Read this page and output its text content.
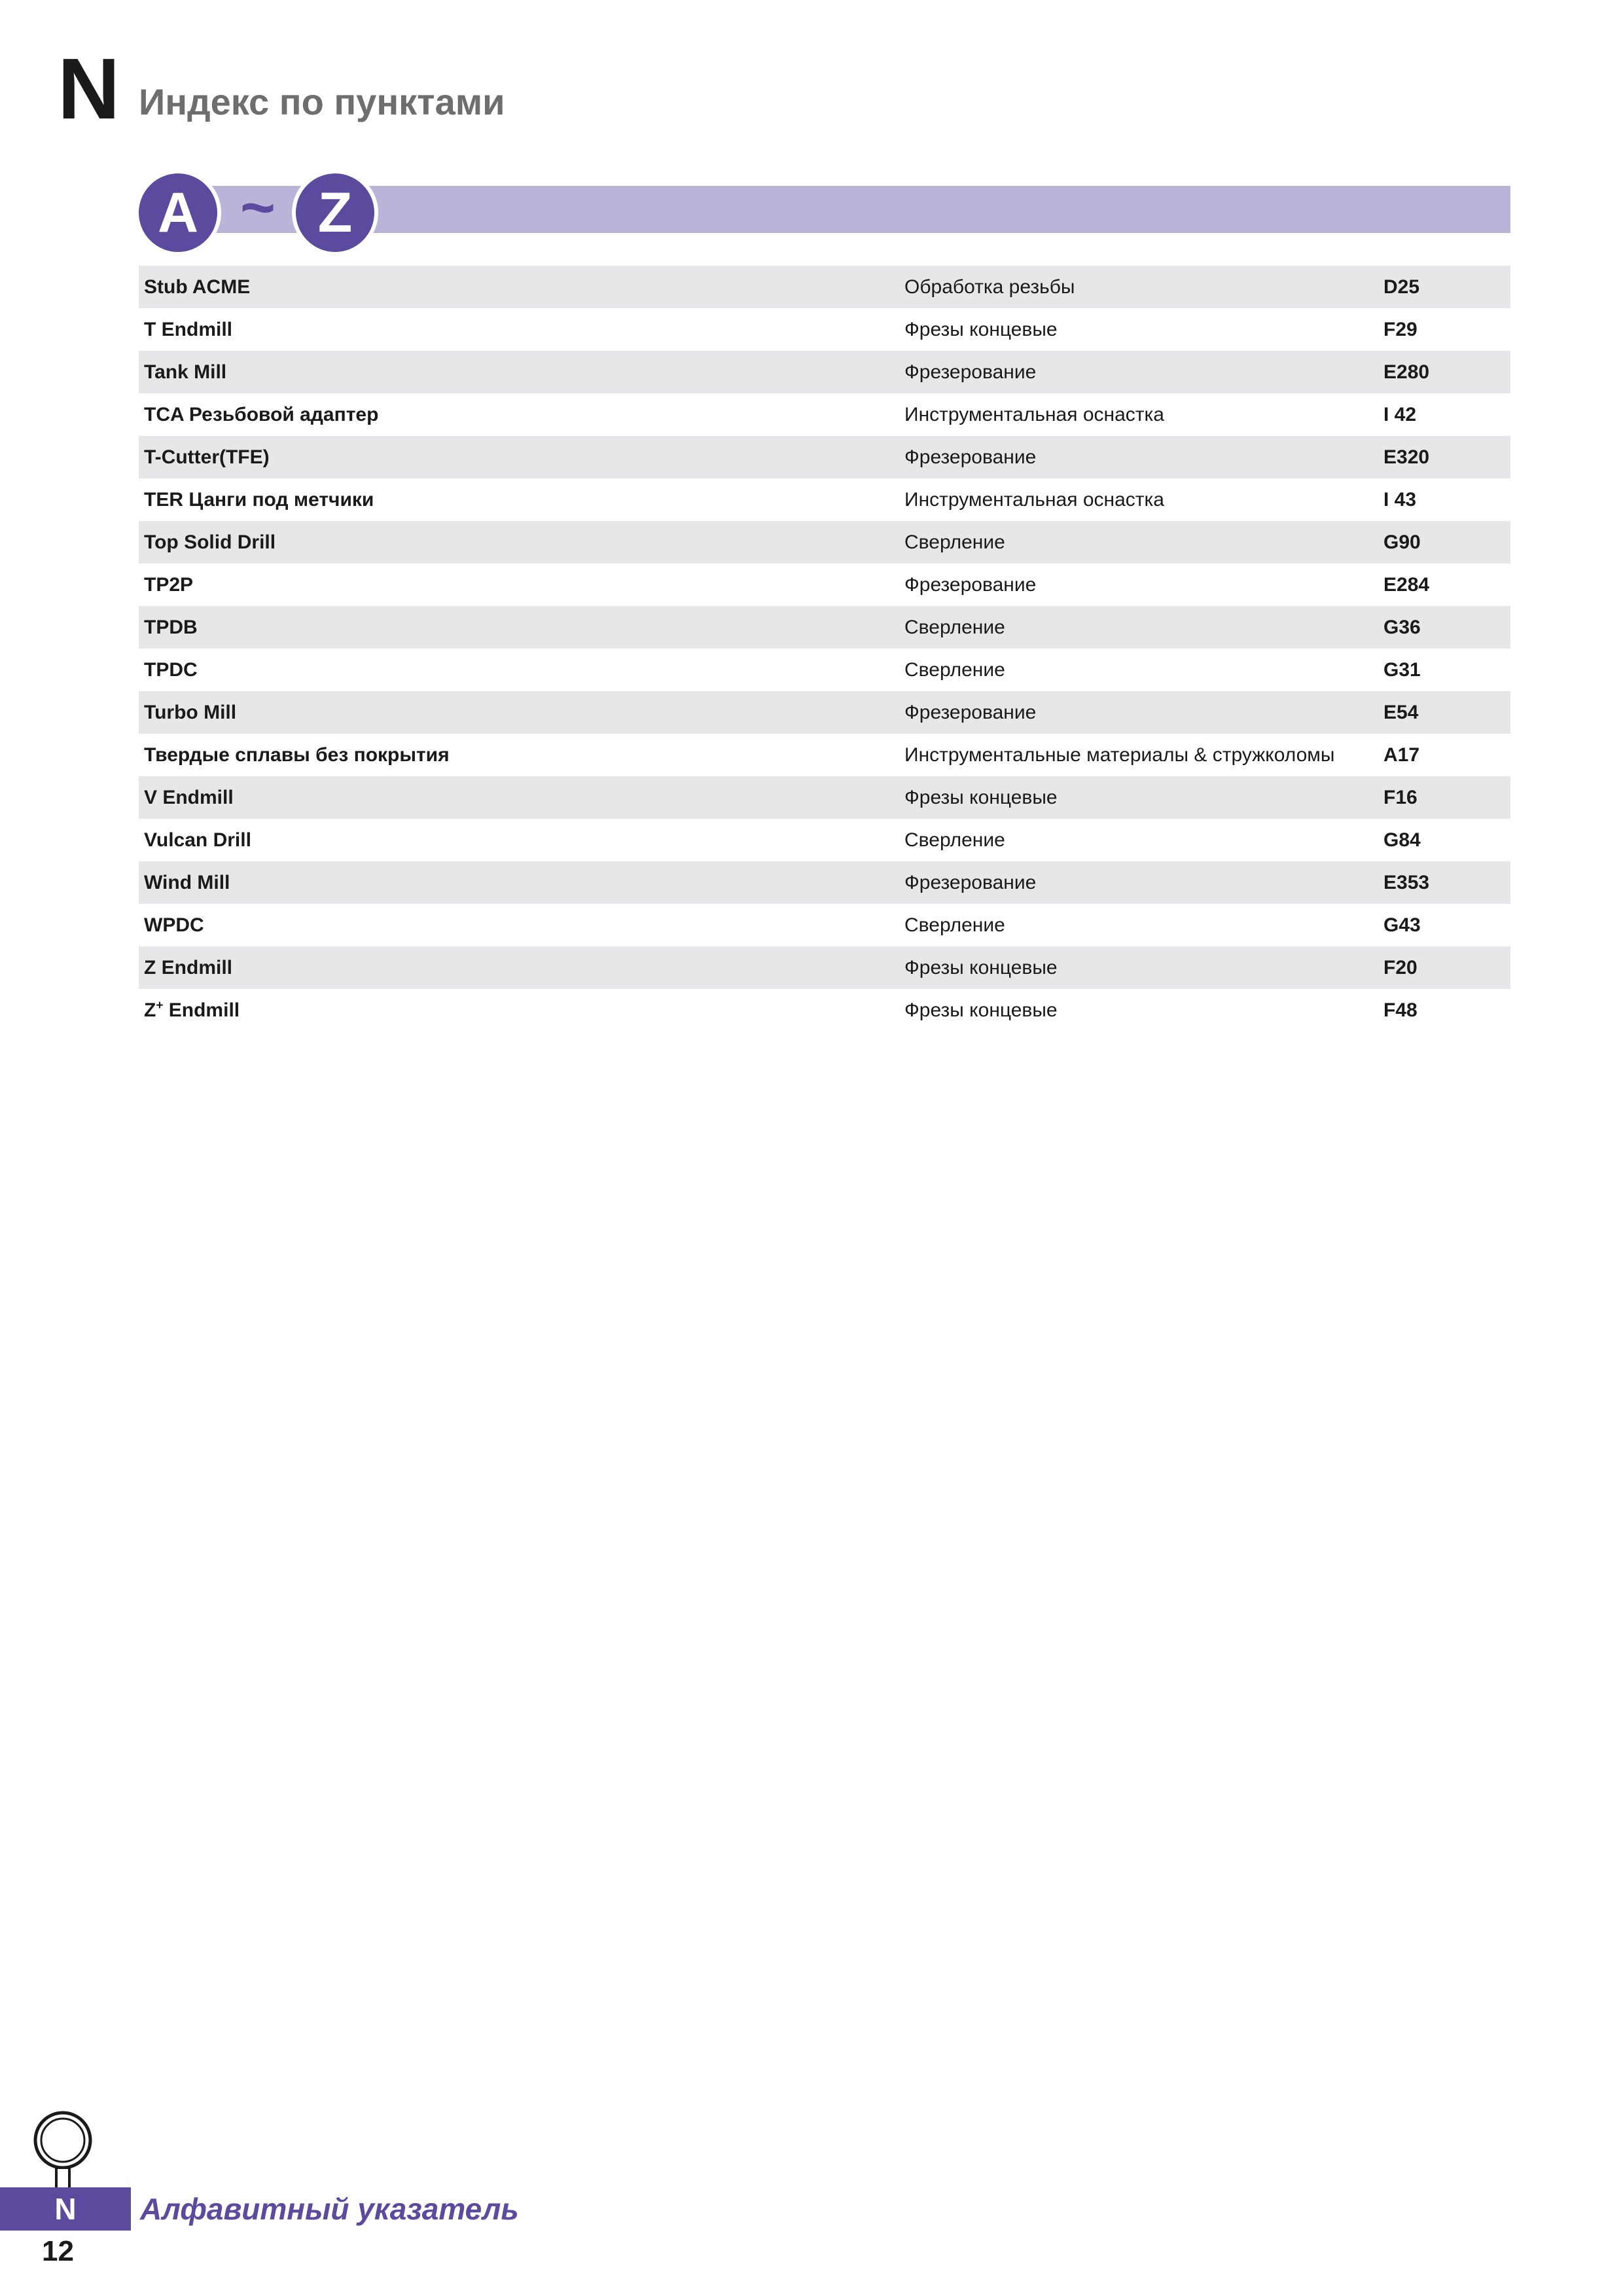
N Индекс по пунктами
A ~ Z
Stub ACME	Обработка резьбы	D25
T Endmill	Фрезы концевые	F29
Tank Mill	Фрезерование	E280
TCA Резьбовой адаптер	Инструментальная оснастка	I 42
T-Cutter(TFE)	Фрезерование	E320
TER Цанги под метчики	Инструментальная оснастка	I 43
Top Solid Drill	Сверление	G90
TP2P	Фрезерование	E284
TPDB	Сверление	G36
TPDC	Сверление	G31
Turbo Mill	Фрезерование	E54
Твердые сплавы без покрытия	Инструментальные материалы & стружколомы	A17
V Endmill	Фрезы концевые	F16
Vulcan Drill	Сверление	G84
Wind Mill	Фрезерование	E353
WPDC	Сверление	G43
Z Endmill	Фрезы концевые	F20
Z+ Endmill	Фрезы концевые	F48
N	Алфавитный указатель
12
